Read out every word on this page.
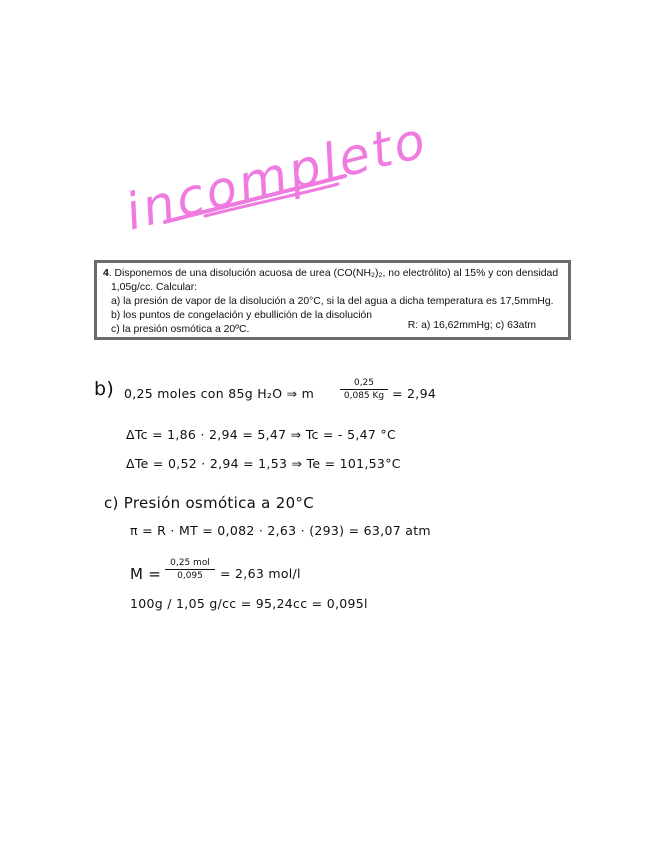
incompleto
4. Disponemos de una disolución acuosa de urea (CO(NH₂)₂, no electrólito) al 15% y con densidad
1,05g/cc. Calcular:
a) la presión de vapor de la disolución a 20°C, si la del agua a dicha temperatura es 17,5mmHg.
b) los puntos de congelación y ebullición de la disolución
c) la presión osmótica a 20ºC.	R: a) 16,62mmHg; c) 63atm
b) 0,25 moles con 85g H₂O ⇒ m
0,25
0,085 Kg = 2,94
ΔTc = 1,86 · 2,94 = 5,47 ⇒ Tc = - 5,47 °C
ΔTe = 0,52 · 2,94 = 1,53 ⇒ Te = 101,53°C
c) Presión osmótica a 20°C
π = R · MT = 0,082 · 2,63 · (293) = 63,07 atm
M =
0,25 mol
0,095	= 2,63 mol/l
100g / 1,05 g/cc = 95,24cc = 0,095l
